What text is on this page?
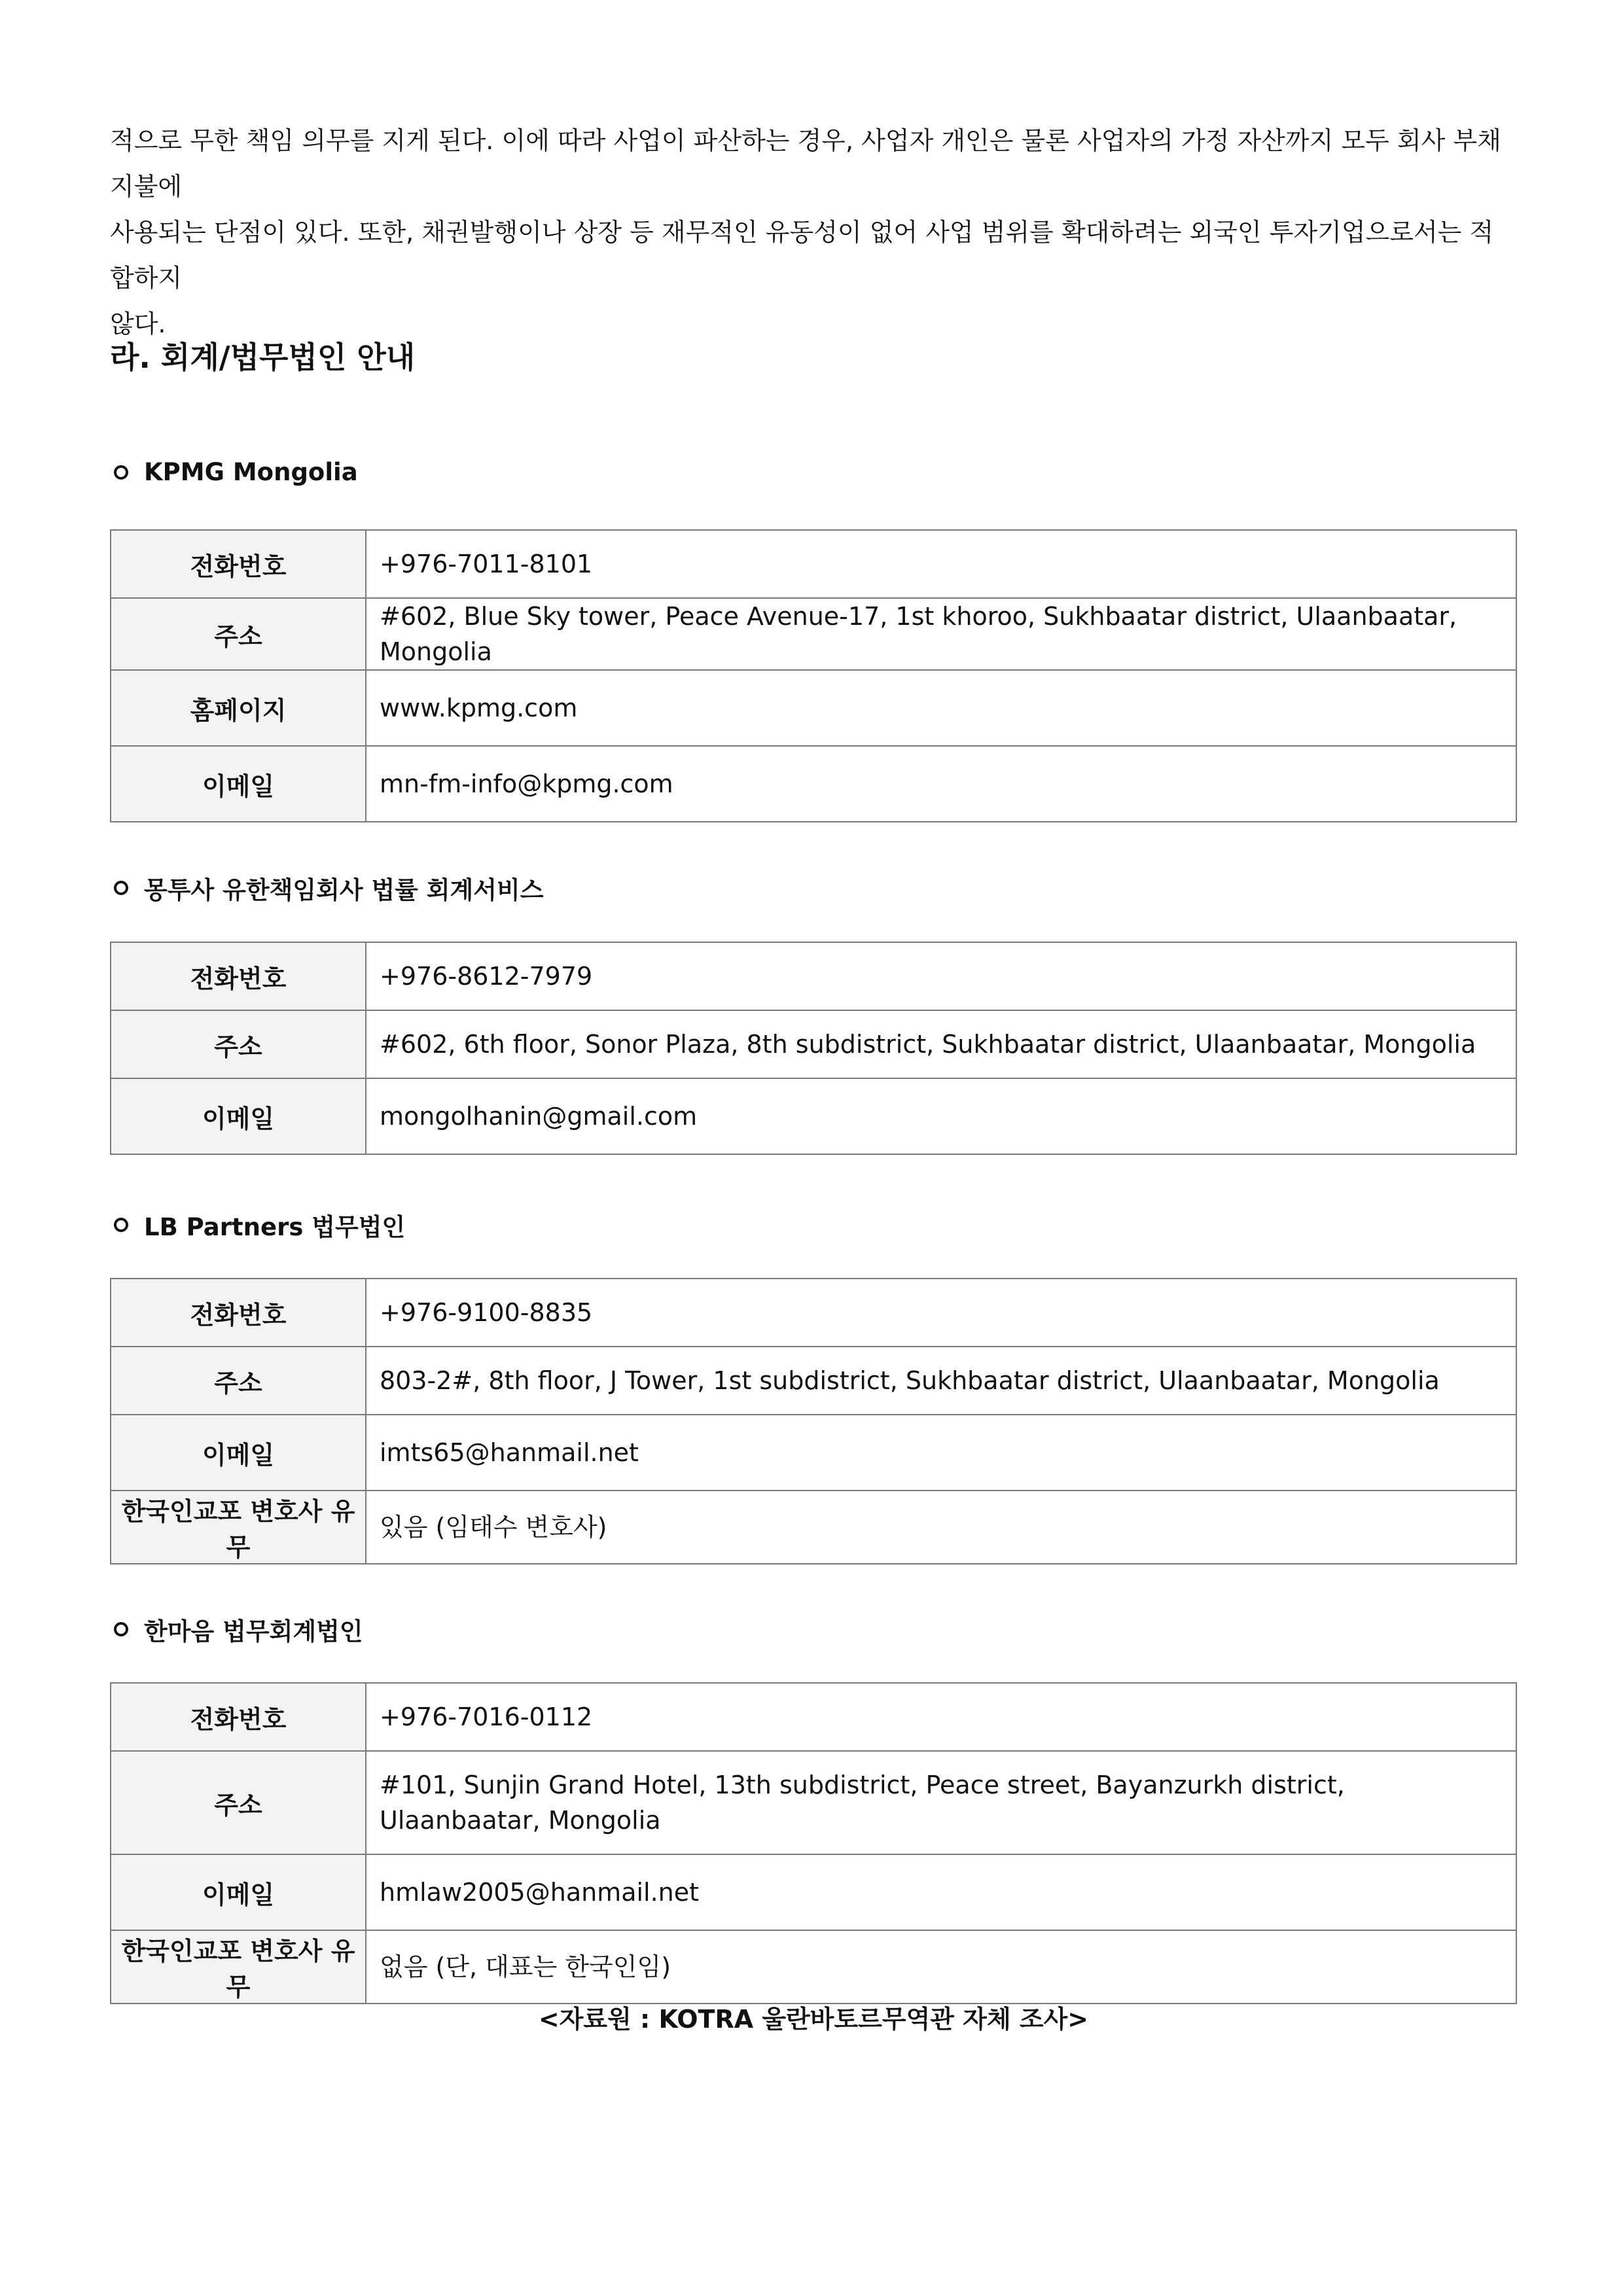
적으로 무한 책임 의무를 지게 된다. 이에 따라 사업이 파산하는 경우, 사업자 개인은 물론 사업자의 가정 자산까지 모두 회사 부채 지불에

사용되는 단점이 있다. 또한, 채권발행이나 상장 등 재무적인 유동성이 없어 사업 범위를 확대하려는 외국인 투자기업으로서는 적합하지

않다.

라. 회계/법무법인 안내
KPMG Mongolia
전화번호	+976-7011-8101
주소	#602, Blue Sky tower, Peace Avenue-17, 1st khoroo, Sukhbaatar district, Ulaanbaatar, Mongolia
홈페이지	www.kpmg.com
이메일	mn-fm-info@kpmg.com
몽투사 유한책임회사 법률 회계서비스
전화번호	+976-8612-7979
주소	#602, 6th floor, Sonor Plaza, 8th subdistrict, Sukhbaatar district, Ulaanbaatar, Mongolia
이메일	mongolhanin@gmail.com
LB Partners 법무법인
전화번호	+976-9100-8835
주소	803-2#, 8th floor, J Tower, 1st subdistrict, Sukhbaatar district, Ulaanbaatar, Mongolia
이메일	imts65@hanmail.net
한국인교포 변호사 유무	있음 (임태수 변호사)
한마음 법무회계법인
전화번호	+976-7016-0112
주소	#101, Sunjin Grand Hotel, 13th subdistrict, Peace street, Bayanzurkh district, Ulaanbaatar, Mongolia
이메일	hmlaw2005@hanmail.net
한국인교포 변호사 유무	없음 (단, 대표는 한국인임)
<자료원 : KOTRA 울란바토르무역관 자체 조사>
